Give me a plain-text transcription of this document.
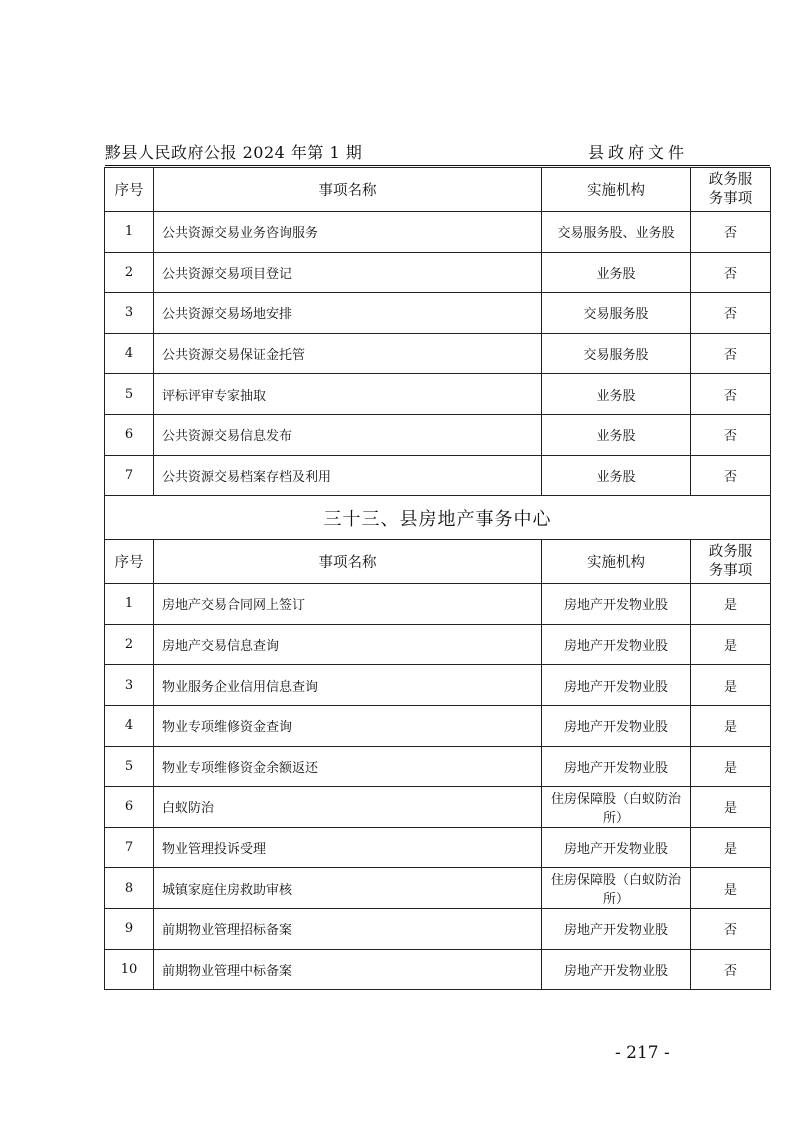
黟县人民政府公报 2024 年第 1 期	县政府文件
序号	事项名称	实施机构	政务服
务事项
1	公共资源交易业务咨询服务	交易服务股、业务股	否
2	公共资源交易项目登记	业务股	否
3	公共资源交易场地安排	交易服务股	否
4	公共资源交易保证金托管	交易服务股	否
5	评标评审专家抽取	业务股	否
6	公共资源交易信息发布	业务股	否
7	公共资源交易档案存档及利用	业务股	否
三十三、县房地产事务中心			
序号	事项名称	实施机构	政务服
务事项
1	房地产交易合同网上签订	房地产开发物业股	是
2	房地产交易信息查询	房地产开发物业股	是
3	物业服务企业信用信息查询	房地产开发物业股	是
4	物业专项维修资金查询	房地产开发物业股	是
5	物业专项维修资金余额返还	房地产开发物业股	是
6	白蚁防治	住房保障股（白蚁防治所）	是
7	物业管理投诉受理	房地产开发物业股	是
8	城镇家庭住房救助审核	住房保障股（白蚁防治所）	是
9	前期物业管理招标备案	房地产开发物业股	否
10	前期物业管理中标备案	房地产开发物业股	否
- 217 -
